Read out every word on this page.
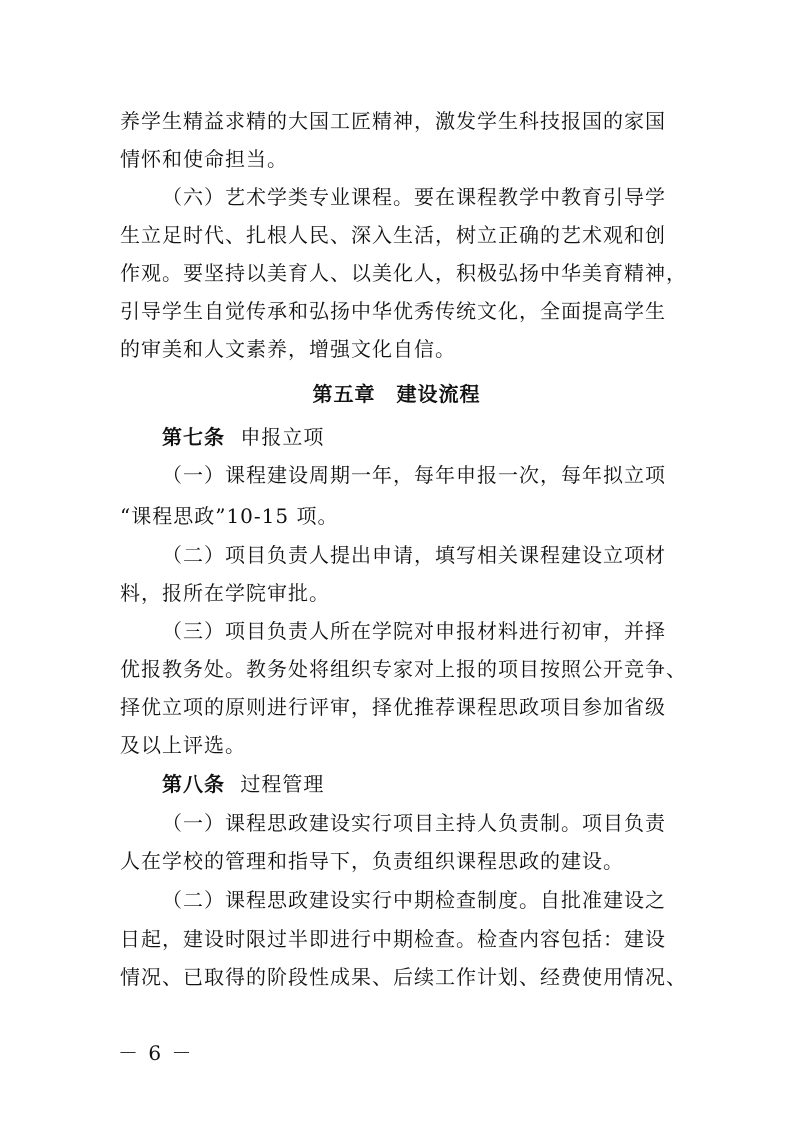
养学生精益求精的大国工匠精神，激发学生科技报国的家国
情怀和使命担当。
（六）艺术学类专业课程。要在课程教学中教育引导学
生立足时代、扎根人民、深入生活，树立正确的艺术观和创
作观。要坚持以美育人、以美化人，积极弘扬中华美育精神，
引导学生自觉传承和弘扬中华优秀传统文化，全面提高学生
的审美和人文素养，增强文化自信。
第五章　建设流程
第七条 申报立项
（一）课程建设周期一年，每年申报一次，每年拟立项
“课程思政”10-15 项。
（二）项目负责人提出申请，填写相关课程建设立项材
料，报所在学院审批。
（三）项目负责人所在学院对申报材料进行初审，并择
优报教务处。教务处将组织专家对上报的项目按照公开竞争、
择优立项的原则进行评审，择优推荐课程思政项目参加省级
及以上评选。
第八条 过程管理
（一）课程思政建设实行项目主持人负责制。项目负责
人在学校的管理和指导下，负责组织课程思政的建设。
（二）课程思政建设实行中期检查制度。自批准建设之
日起，建设时限过半即进行中期检查。检查内容包括：建设
情况、已取得的阶段性成果、后续工作计划、经费使用情况、
－ 6 －
